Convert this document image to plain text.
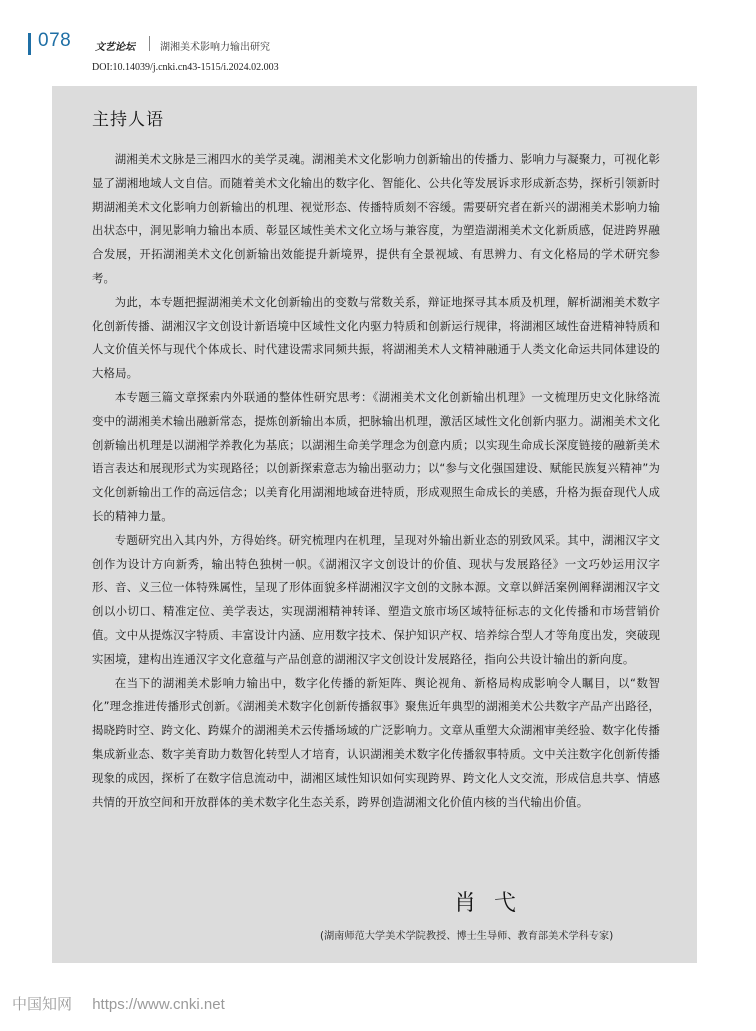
078 文艺论坛	湖湘美术影响力输出研究
DOI:10.14039/j.cnki.cn43-1515/i.2024.02.003
主持人语

湖湘美术文脉是三湘四水的美学灵魂。湖湘美术文化影响力创新输出的传播力、影响力与凝聚力，可视化彰显了湖湘地域人文自信。而随着美术文化输出的数字化、智能化、公共化等发展诉求形成新态势，探析引领新时期湖湘美术文化影响力创新输出的机理、视觉形态、传播特质刻不容缓。需要研究者在新兴的湖湘美术影响力输出状态中，洞见影响力输出本质、彰显区域性美术文化立场与兼容度，为塑造湖湘美术文化新质感，促进跨界融合发展，开拓湖湘美术文化创新输出效能提升新境界，提供有全景视域、有思辨力、有文化格局的学术研究参考。

为此，本专题把握湖湘美术文化创新输出的变数与常数关系，辩证地探寻其本质及机理，解析湖湘美术数字化创新传播、湖湘汉字文创设计新语境中区域性文化内驱力特质和创新运行规律，将湖湘区域性奋进精神特质和人文价值关怀与现代个体成长、时代建设需求同频共振，将湖湘美术人文精神融通于人类文化命运共同体建设的大格局。

本专题三篇文章探索内外联通的整体性研究思考：《湖湘美术文化创新输出机理》一文梳理历史文化脉络流变中的湖湘美术输出融新常态，提炼创新输出本质，把脉输出机理，激活区域性文化创新内驱力。湖湘美术文化创新输出机理是以湖湘学养教化为基底；以湖湘生命美学理念为创意内质；以实现生命成长深度链接的融新美术语言表达和展现形式为实现路径；以创新探索意志为输出驱动力；以“参与文化强国建设、赋能民族复兴精神”为文化创新输出工作的高远信念；以美育化用湖湘地域奋进特质，形成观照生命成长的美感，升格为振奋现代人成长的精神力量。

专题研究出入其内外，方得始终。研究梳理内在机理，呈现对外输出新业态的别致风采。其中，湖湘汉字文创作为设计方向新秀，输出特色独树一帜。《湖湘汉字文创设计的价值、现状与发展路径》一文巧妙运用汉字形、音、义三位一体特殊属性，呈现了形体面貌多样湖湘汉字文创的文脉本源。文章以鲜活案例阐释湖湘汉字文创以小切口、精准定位、美学表达，实现湖湘精神转译、塑造文旅市场区域特征标志的文化传播和市场营销价值。文中从提炼汉字特质、丰富设计内涵、应用数字技术、保护知识产权、培养综合型人才等角度出发，突破现实困境，建构出连通汉字文化意蕴与产品创意的湖湘汉字文创设计发展路径，指向公共设计输出的新向度。

在当下的湖湘美术影响力输出中，数字化传播的新矩阵、舆论视角、新格局构成影响令人瞩目，以“数智化”理念推进传播形式创新。《湖湘美术数字化创新传播叙事》聚焦近年典型的湖湘美术公共数字产品产出路径，揭晓跨时空、跨文化、跨媒介的湖湘美术云传播场域的广泛影响力。文章从重塑大众湖湘审美经验、数字化传播集成新业态、数字美育助力数智化转型人才培育，认识湖湘美术数字化传播叙事特质。文中关注数字化创新传播现象的成因，探析了在数字信息流动中，湖湘区域性知识如何实现跨界、跨文化人文交流，形成信息共享、情感共情的开放空间和开放群体的美术数字化生态关系，跨界创造湖湘文化价值内核的当代输出价值。

肖弋
(湖南师范大学美术学院教授、博士生导师、教育部美术学科专家)
中国知网 https://www.cnki.net
